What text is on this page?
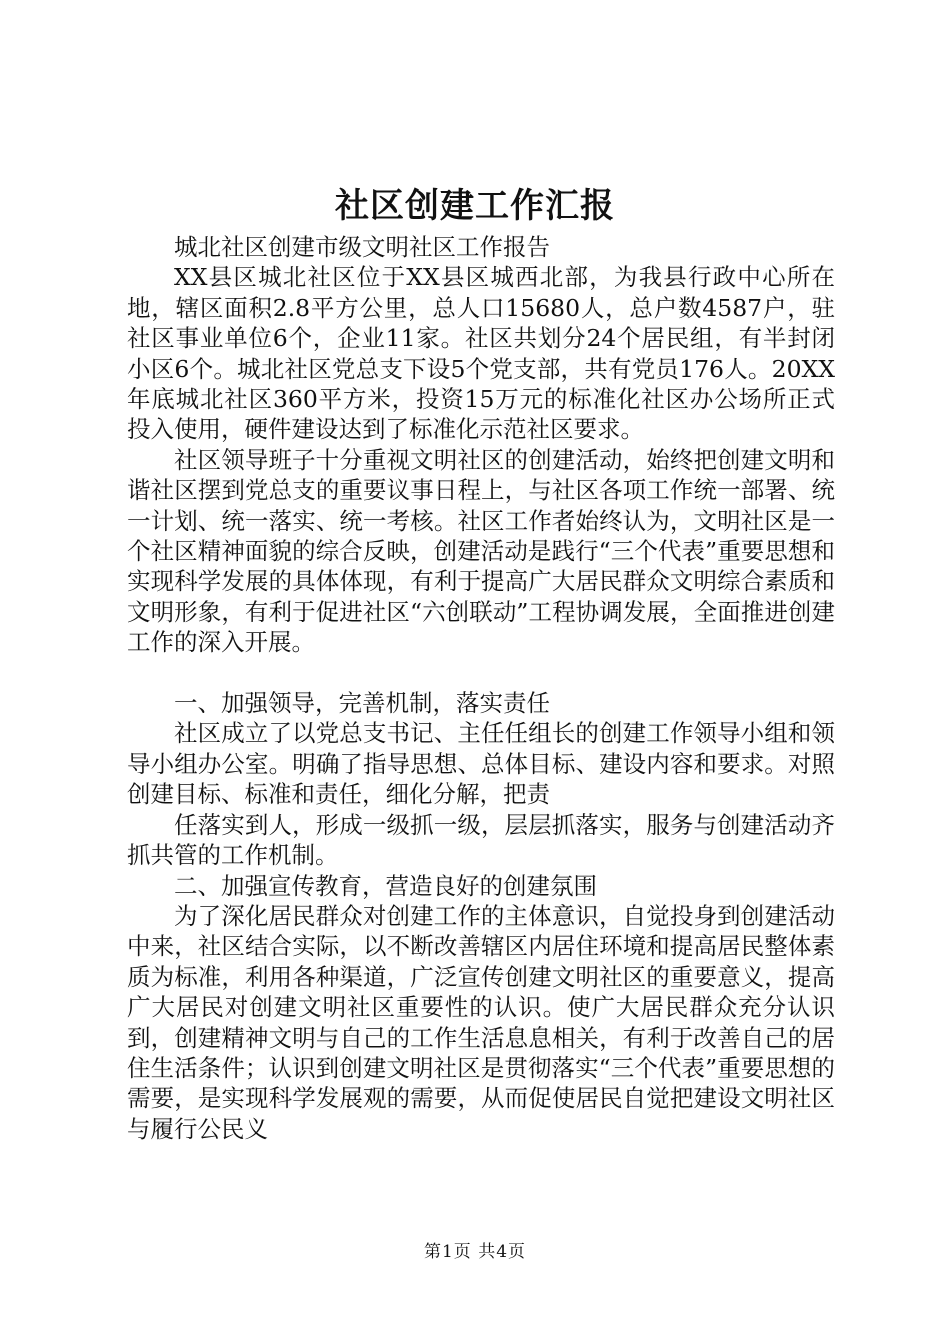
社区创建工作汇报

城北社区创建市级文明社区工作报告

XX县区城北社区位于XX县区城西北部，为我县行政中心所在地，辖区面积2.8平方公里，总人口15680人，总户数4587户，驻社区事业单位6个，企业11家。社区共划分24个居民组，有半封闭小区6个。城北社区党总支下设5个党支部，共有党员176人。20XX年底城北社区360平方米，投资15万元的标准化社区办公场所正式投入使用，硬件建设达到了标准化示范社区要求。

社区领导班子十分重视文明社区的创建活动，始终把创建文明和谐社区摆到党总支的重要议事日程上，与社区各项工作统一部署、统一计划、统一落实、统一考核。社区工作者始终认为，文明社区是一个社区精神面貌的综合反映，创建活动是践行“三个代表”重要思想和实现科学发展的具体体现，有利于提高广大居民群众文明综合素质和文明形象，有利于促进社区“六创联动”工程协调发展，全面推进创建工作的深入开展。

一、加强领导，完善机制，落实责任

社区成立了以党总支书记、主任任组长的创建工作领导小组和领导小组办公室。明确了指导思想、总体目标、建设内容和要求。对照创建目标、标准和责任，细化分解，把责

任落实到人，形成一级抓一级，层层抓落实，服务与创建活动齐抓共管的工作机制。

二、加强宣传教育，营造良好的创建氛围

为了深化居民群众对创建工作的主体意识，自觉投身到创建活动中来，社区结合实际，以不断改善辖区内居住环境和提高居民整体素质为标准，利用各种渠道，广泛宣传创建文明社区的重要意义，提高广大居民对创建文明社区重要性的认识。使广大居民群众充分认识到，创建精神文明与自己的工作生活息息相关，有利于改善自己的居住生活条件；认识到创建文明社区是贯彻落实“三个代表”重要思想的需要，是实现科学发展观的需要，从而促使居民自觉把建设文明社区与履行公民义

第1页 共4页
